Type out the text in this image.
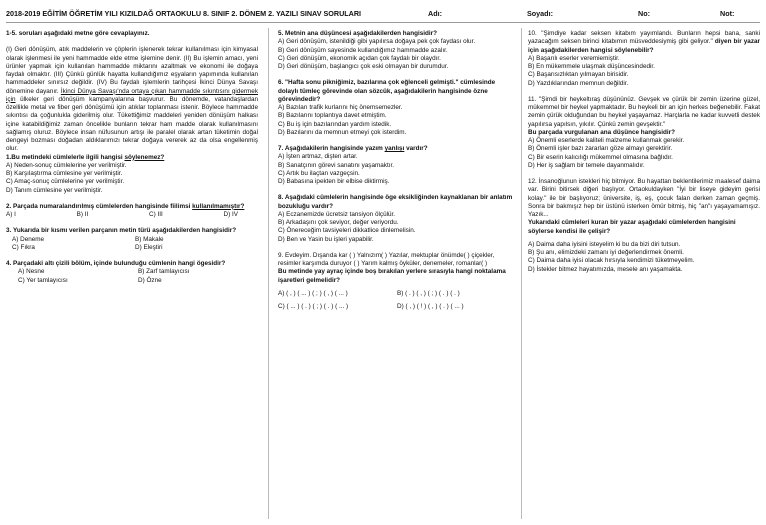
2018-2019 EĞİTİM ÖĞRETİM YILI KIZILDAĞ ORTAOKULU 8. SINIF 2. DÖNEM 2. YAZILI SINAV SORULARI	Adı:	Soyadı:	No:	Not:

1-5. soruları aşağıdaki metne göre cevaplayınız.

(I) Geri dönüşüm, atık maddelerin ve çöplerin işlenerek tekrar kullanılması için kimyasal olarak işlenmesi ile yeni hammadde elde etme işlemine denir. (II) Bu işlemin amacı, yeni ürünler yapmak için kullanılan hammadde miktarını azaltmak ve ekonomi ile doğaya faydalı olmaktır. (III) Çünkü günlük hayatta kullandığımız eşyaların yapımında kullanılan hammaddeler sınırsız değildir. (IV) Bu faydalı işlemlerin tarihçesi İkinci Dünya Savaşı dönemine dayanır. İkinci Dünya Savaşı'nda ortaya çıkan hammadde sıkıntısını gidermek için ülkeler geri dönüşüm kampanyalarına başvurur. Bu dönemde, vatandaşlardan özellikle metal ve fiber geri dönüşümü için atıklar toplanması istenir. Böylece hammadde sıkıntısı da çoğunlukla giderilmiş olur. Tükettiğimiz maddeleri yeniden dönüşüm halkası içine katabildiğimiz zaman öncelikle bunların tekrar ham madde olarak kullanılmasını sağlamış oluruz. Böylece insan nüfusunun artışı ile paralel olarak artan tüketimin doğal dengeyi bozması doğadan aldıklarımızı tekrar doğaya vererek az da olsa engellenmiş olur.

1.Bu metindeki cümlelerle ilgili hangisi söylenemez?

A) Neden-sonuç cümlelerine yer verilmiştir.

B) Karşılaştırma cümlesine yer verilmiştir.

C) Amaç-sonuç cümlelerine yer verilmiştir.

D) Tanım cümlesine yer verilmiştir.

2. Parçada numaralandırılmış cümlelerden hangisinde fiilimsi kullanılmamıştır?

A) I	B) II	C) III	D) IV

3. Yukarıda bir kısmı verilen parçanın metin türü aşağıdakilerden hangisidir?

A) Deneme	B) Makale
C) Fıkra	D) Eleştiri

4. Parçadaki altı çizili bölüm, içinde bulunduğu cümlenin hangi ögesidir?

A) Nesne	B) Zarf tamlayıcısı
C) Yer tamlayıcısı	D) Özne

5. Metnin ana düşüncesi aşağıdakilerden hangisidir?

A) Geri dönüşüm, istenildiği gibi yapılırsa doğaya pek çok faydası olur.

B) Geri dönüşüm sayesinde kullandığımız hammadde azalır.

C) Geri dönüşüm, ekonomik açıdan çok faydalı bir olaydır.

D) Geri dönüşüm, başlangıcı çok eski olmayan bir durumdur.

6. "Hafta sonu pikniğimiz, bazılarına çok eğlenceli gelmişti." cümlesinde dolaylı tümleç görevinde olan sözcük, aşağıdakilerin hangisinde özne görevindedir?

A) Bazıları trafik kurlarını hiç önemsemezler.

B) Bazılarını toplantıya davet etmiştim.

C) Bu iş için bazılarından yardım istedik.

D) Bazılarını da memnun etmeyi çok isterdim.

7. Aşağıdakilerin hangisinde yazım yanlışı vardır?

A) İşten artmaz, dişten artar.

B) Sanatçının görevi sanatını yaşamaktır.

C) Artık bu ilaçtan vazgeçsin.

D) Babasına ipekten bir elbise diktirmiş.

8. Aşağıdaki cümlelerin hangisinde öge eksikliğinden kaynaklanan bir anlatım bozukluğu vardır?

A) Eczanemizde ücretsiz tansiyon ölçülür.

B) Arkadaşını çok seviyor, değer veriyordu.

C) Önereceğim tavsiyeleri dikkatlice dinlemelisin.

D) Ben ve Yasin bu işleri yapabilir.

9. Evdeyim. Dışarıda kar ( ) Yalnızım( ) Yazılar, mektuplar önümde( ) çiçekler, resimler karşımda duruyor ( ) Yarım kalmış öyküler, denemeler, romanlar( )

Bu metinde yay ayraç içinde boş bırakılan yerlere sırasıyla hangi noktalama işaretleri gelmelidir?

A) ( , ) ( ... ) ( ; ) ( , ) ( ... )	B) ( . ) ( , ) ( ; ) ( . ) ( . )
C) ( ... ) ( . ) ( ; ) ( . ) ( ... )	D) ( , ) ( ! ) ( , ) ( . ) ( ... )

10. "Şimdiye kadar seksen kitabım yayımlandı. Bunların hepsi bana, sanki yazacağım seksen birinci kitabımın müsveddesiymiş gibi geliyor." diyen bir yazar için aşağıdakilerden hangisi söylenebilir?

A) Başarılı eserler veremiemiştir.

B) En mükemmele ulaşmak düşüncesindedir.

C) Başarısızlıktan yılmayan birisidir.

D) Yazdıklarından memnun değildir.

11. "Şimdi bir heykeltıraş düşününüz. Gevşek ve çürük bir zemin üzerine güzel, mükemmel bir heykel yapmaktadır. Bu heykeli bir an için herkes beğenebilir. Fakat zemin çürük olduğundan bu heykel yaşayamaz. Harçlarla ne kadar kuvvetli destek yapılırsa yapılsın, yıkılır. Çünkü zemin gevşektir."

Bu parçada vurgulanan ana düşünce hangisidir?

A) Önemli eserlerde kaliteli malzeme kullanmak gerekir.

B) Önemli işler bazı zararları göze almayı gerektirir.

C) Bir eserin kalıcılığı mükemmel olmasına bağlıdır.

D) Her iş sağlam bir temele dayanmalıdır.

12. İnsanoğlunun istekleri hiç bitmiyor. Bu hayattan beklentilerimiz maalesef daima var. Birini bitirsek diğeri başlıyor. Ortaokuldayken "İyi bir liseye gideyim gerisi kolay." ile bir başlıyoruz; üniversite, iş, eş, çocuk falan derken zaman geçmiş. Sonra bir bakmışız hep bir üstünü isterken ömür bitmiş, hiç "an"ı yaşayamamışız. Yazık...

Yukarıdaki cümleleri kuran bir yazar aşağıdaki cümlelerden hangisini söylerse kendisi ile çelişir?

A) Daima daha iyisini isteyelim ki bu da bizi diri tutsun.

B) Şu anı, elimizdeki zamanı iyi değerlendirmek önemli.

C) Daima daha iyisi olacak hırsıyla kendimizi tüketmeyelim.

D) İstekler bitmez hayatımızda, mesele anı yaşamakta.
